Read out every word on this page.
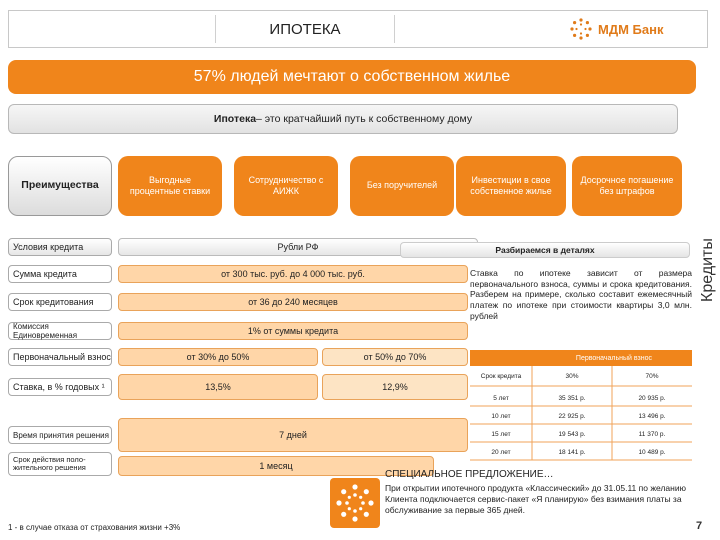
ИПОТЕКА	МДМ Банк
57% людей мечтают о собственном жилье
Ипотека – это кратчайший путь к собственному дому
Кредиты
Преимущества	Выгодные процентные ставки
Сотрудничество с АИЖК
Без поручителей
Инвестиции в свое собственное жилье
Досрочное погашение без штрафов
Условия кредита	Рубли РФ
Сумма кредита	от 300 тыс. руб. до 4 000 тыс. руб.
Срок кредитования	от 36 до 240 месяцев
Комиссия Единовременная	1% от суммы кредита
Первоначальный взнос	от 30% до 50%	от 50% до 70%
Ставка, в % годовых ¹	13,5%	12,9%
Время принятия решения	7 дней
Срок действия поло-жительного решения	1 месяц
Разбираемся в деталях
Ставка по ипотеке зависит от размера первоначального взноса, суммы и срока кредитования. Разберем на примере, сколько составит ежемесячный платеж по ипотеке при стоимости квартиры 3,0 млн. рублей
Первоначальный взнос
Срок кредита	30%	70%
5 лет	35 351 р.	20 935 р.
10 лет	22 925 р.	13 496 р.
15 лет	19 543 р.	11 370 р.
20 лет	18 141 р.	10 489 р.
СПЕЦИАЛЬНОЕ ПРЕДЛОЖЕНИЕ…
При открытии ипотечного продукта «Классический» до 31.05.11 по желанию Клиента подключается сервис-пакет «Я планирую» без взимания платы за обслуживание за первые 365 дней.
1 - в случае отказа от страхования жизни +3%	7
